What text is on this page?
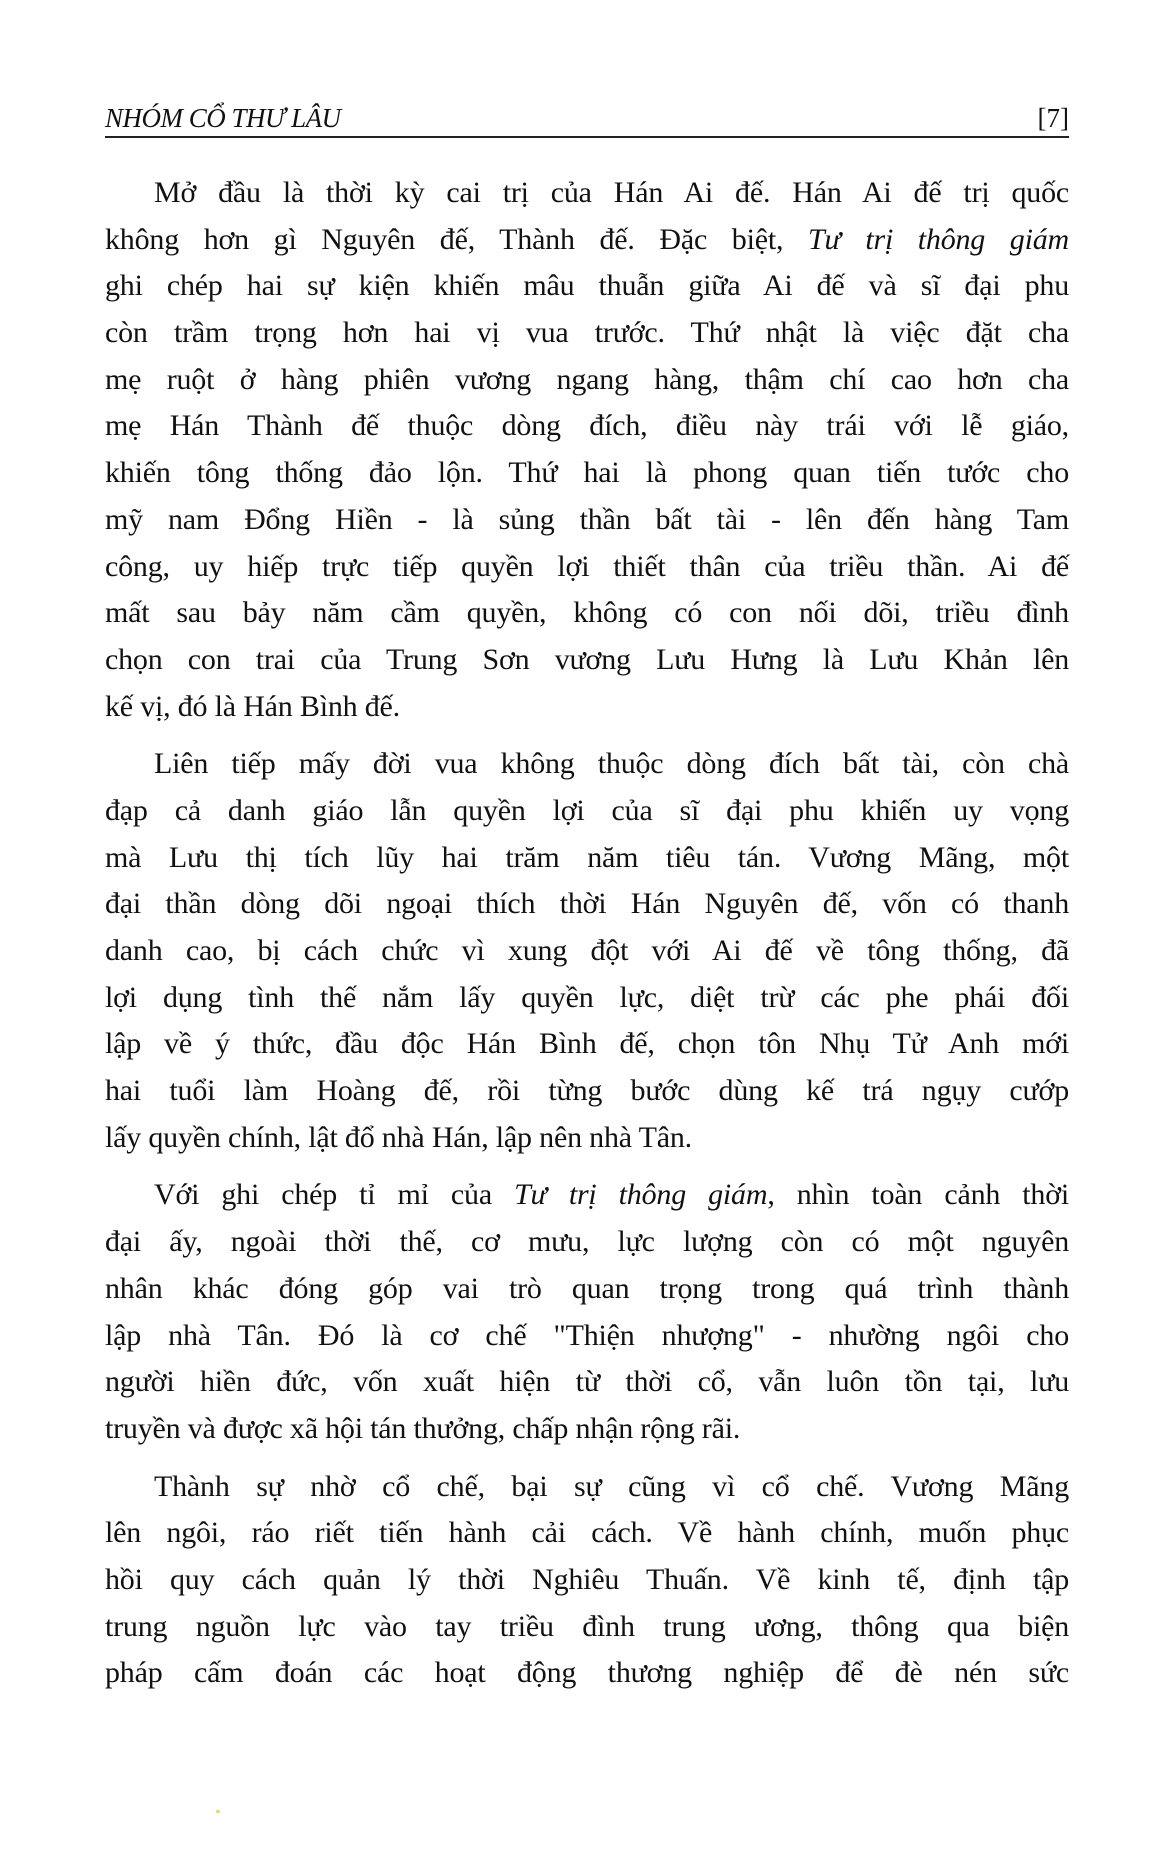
NHÓM CỔ THƯ LÂU	[7]
Mở đầu là thời kỳ cai trị của Hán Ai đế. Hán Ai đế trị quốc
không hơn gì Nguyên đế, Thành đế. Đặc biệt, Tư trị thông giám
ghi chép hai sự kiện khiến mâu thuẫn giữa Ai đế và sĩ đại phu
còn trầm trọng hơn hai vị vua trước. Thứ nhật là việc đặt cha
mẹ ruột ở hàng phiên vương ngang hàng, thậm chí cao hơn cha
mẹ Hán Thành đế thuộc dòng đích, điều này trái với lễ giáo,
khiến tông thống đảo lộn. Thứ hai là phong quan tiến tước cho
mỹ nam Đổng Hiền - là sủng thần bất tài - lên đến hàng Tam
công, uy hiếp trực tiếp quyền lợi thiết thân của triều thần. Ai đế
mất sau bảy năm cầm quyền, không có con nối dõi, triều đình
chọn con trai của Trung Sơn vương Lưu Hưng là Lưu Khản lên
kế vị, đó là Hán Bình đế.
Liên tiếp mấy đời vua không thuộc dòng đích bất tài, còn chà
đạp cả danh giáo lẫn quyền lợi của sĩ đại phu khiến uy vọng
mà Lưu thị tích lũy hai trăm năm tiêu tán. Vương Mãng, một
đại thần dòng dõi ngoại thích thời Hán Nguyên đế, vốn có thanh
danh cao, bị cách chức vì xung đột với Ai đế về tông thống, đã
lợi dụng tình thế nắm lấy quyền lực, diệt trừ các phe phái đối
lập về ý thức, đầu độc Hán Bình đế, chọn tôn Nhụ Tử Anh mới
hai tuổi làm Hoàng đế, rồi từng bước dùng kế trá ngụy cướp
lấy quyền chính, lật đổ nhà Hán, lập nên nhà Tân.
Với ghi chép tỉ mỉ của Tư trị thông giám, nhìn toàn cảnh thời
đại ấy, ngoài thời thế, cơ mưu, lực lượng còn có một nguyên
nhân khác đóng góp vai trò quan trọng trong quá trình thành
lập nhà Tân. Đó là cơ chế "Thiện nhượng" - nhường ngôi cho
người hiền đức, vốn xuất hiện từ thời cổ, vẫn luôn tồn tại, lưu
truyền và được xã hội tán thưởng, chấp nhận rộng rãi.
Thành sự nhờ cổ chế, bại sự cũng vì cổ chế. Vương Mãng
lên ngôi, ráo riết tiến hành cải cách. Về hành chính, muốn phục
hồi quy cách quản lý thời Nghiêu Thuấn. Về kinh tế, định tập
trung nguồn lực vào tay triều đình trung ương, thông qua biện
pháp cấm đoán các hoạt động thương nghiệp để đè nén sức
